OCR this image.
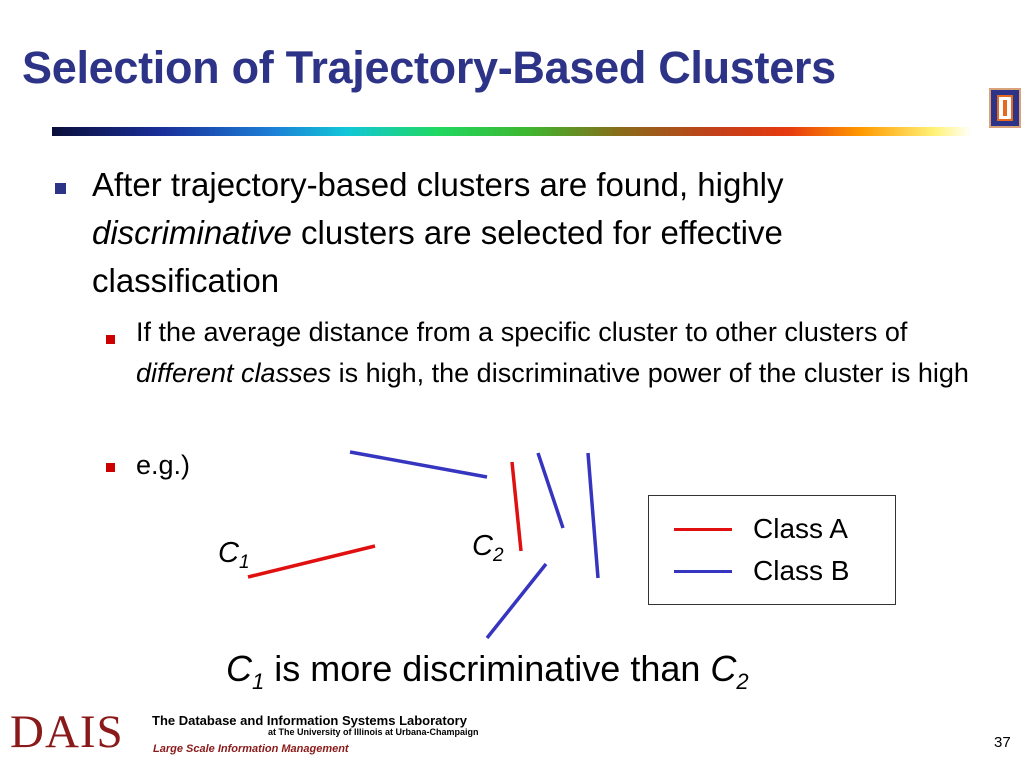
Selection of Trajectory-Based Clusters
After trajectory-based clusters are found, highly
discriminative clusters are selected for effective classification
If the average distance from a specific cluster to other clusters of different classes is high, the discriminative power of the cluster is high
e.g.)
$C_1$
$C_2$
Class A
Class B
$C_1$ is more discriminative than $C_2$
DAIS The Database and Information Systems Laboratory
at The University of Illinois at Urbana-Champaign
Large Scale Information Management	37
